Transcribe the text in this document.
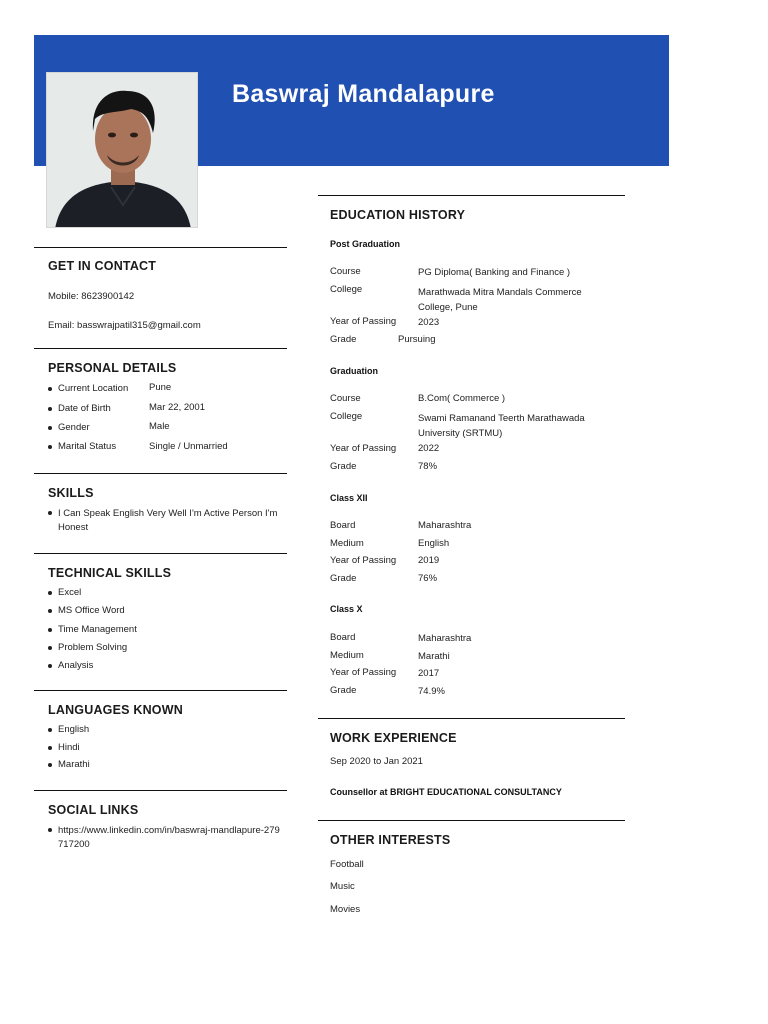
Baswraj Mandalapure
GET IN CONTACT
Mobile: 8623900142
Email: basswrajpatil315@gmail.com
PERSONAL DETAILS
Current Location Pune
Date of Birth	Mar 22, 2001
Gender	Male
Marital Status	Single / Unmarried
SKILLS
I Can Speak English Very Well I'm Active Person I'm Honest
TECHNICAL SKILLS
Excel
MS Office Word
Time Management
Problem Solving
Analysis
LANGUAGES KNOWN
English
Hindi
Marathi
SOCIAL LINKS
https://www.linkedin.com/in/baswraj-mandlapure-279717200
EDUCATION HISTORY
Post Graduation
Course	PG Diploma( Banking and Finance )
College	Marathwada Mitra Mandals Commerce College, Pune
Year of Passing 2023
Grade	Pursuing
Graduation
Course	B.Com( Commerce )
College	Swami Ramanand Teerth Marathawada University (SRTMU)
Year of Passing 2022
Grade	78%
Class XII
Board	Maharashtra
Medium	English
Year of Passing 2019
Grade	76%
Class X
Board	Maharashtra
Medium	Marathi
Year of Passing 2017
Grade	74.9%
WORK EXPERIENCE
Sep 2020 to Jan 2021
Counsellor at BRIGHT EDUCATIONAL CONSULTANCY
OTHER INTERESTS
Football
Music
Movies
